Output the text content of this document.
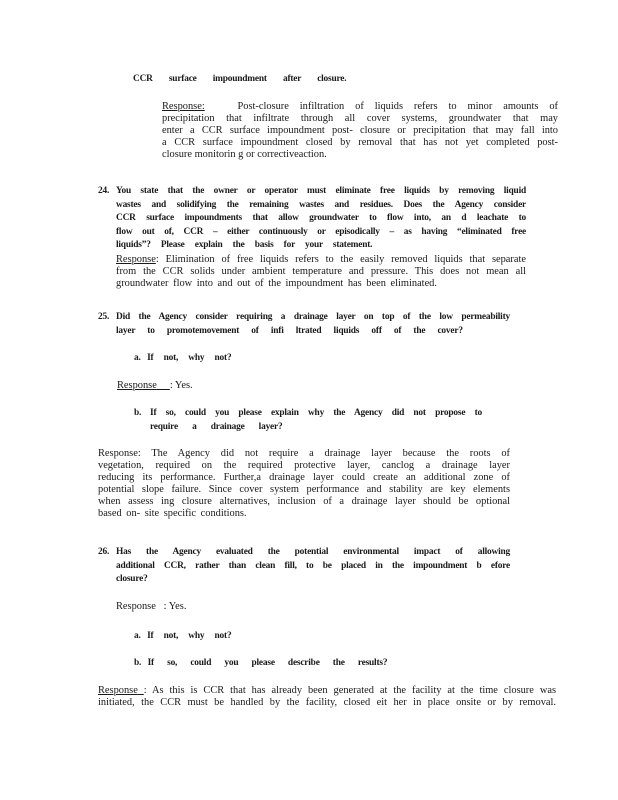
CCR surface impoundment after closure.
Response:	Post-closure infiltration of liquids refers to minor amounts of
precipitation that infiltrate through all cover systems, groundwater that may
enter a CCR surface impoundment post- closure or precipitation that may fall into
a CCR surface impoundment closed by removal that has not yet completed post-
closure monitorin g or correctiveaction.
24. You state that the owner or operator must eliminate free liquids by removing liquid
wastes and solidifying the remaining wastes and residues. Does the Agency consider
CCR surface impoundments that allow groundwater to flow into, an d leachate to
flow out of, CCR – either continuously or episodically – as having “eliminated free
liquids”? Please explain the basis for your statement.
Response: Elimination of free liquids refers to the easily removed liquids that separate
from the CCR solids under ambient temperature and pressure. This does not mean all
groundwater flow into and out of the impoundment has been eliminated.
25. Did the Agency consider requiring a drainage layer on top of the low permeability
layer to promotemovement of infi ltrated liquids off of the cover?
a. If not, why not?
Response : Yes.
b. If so, could you please explain why the Agency did not propose to
require a drainage layer?
Response: The Agency did not require a drainage layer because the roots of
vegetation, required on the required protective layer, canclog a drainage layer
reducing its performance. Further,a drainage layer could create an additional zone of
potential slope failure. Since cover system performance and stability are key elements
when assess ing closure alternatives, inclusion of a drainage layer should be optional
based on- site specific conditions.
26. Has the Agency evaluated the potential environmental impact of allowing
additional CCR, rather than clean fill, to be placed in the impoundment b efore
closure?
Response : Yes.
a. If not, why not?
b. If so, could you please describe the results?
Response : As this is CCR that has already been generated at the facility at the time closure was
initiated, the CCR must be handled by the facility, closed eit her in place onsite or by removal.
